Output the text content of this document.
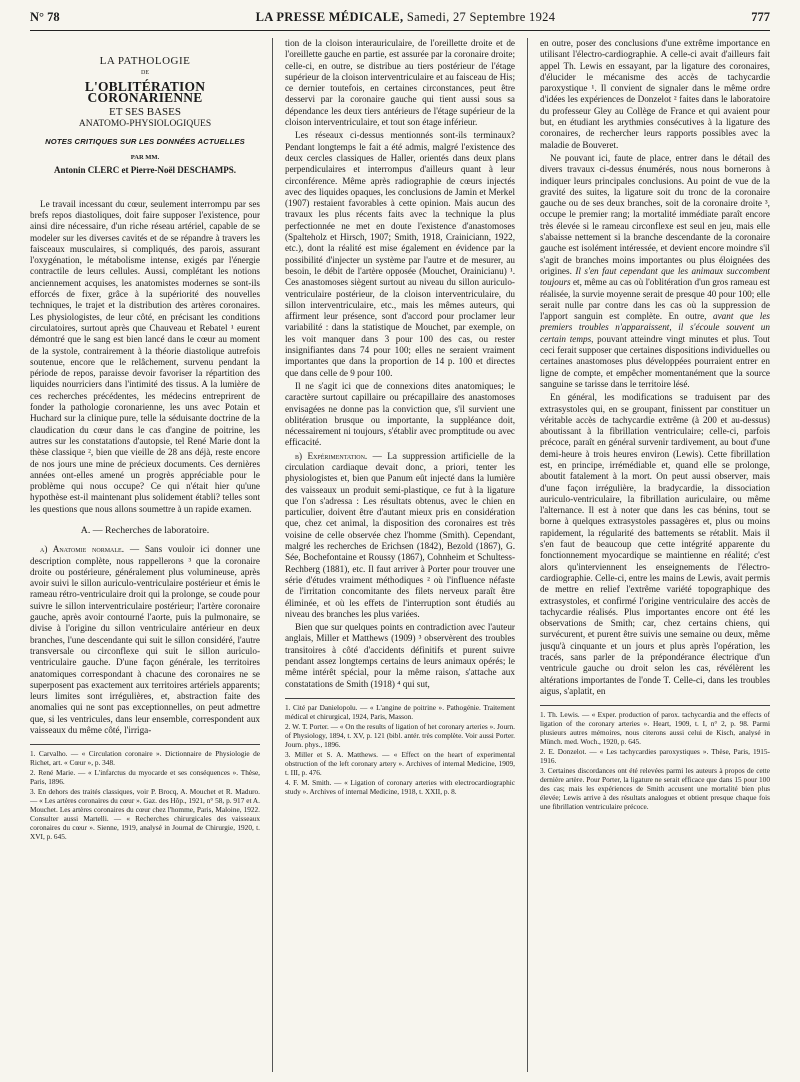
N° 78	LA PRESSE MÉDICALE, Samedi, 27 Septembre 1924	777
LA PATHOLOGIE
DE
L'OBLITÉRATION CORONARIENNE
ET SES BASES
ANATOMO-PHYSIOLOGIQUES
NOTES CRITIQUES SUR LES DONNÉES ACTUELLES
PAR MM.
Antonin CLERC et Pierre-Noël DESCHAMPS.

Le travail incessant du cœur, seulement interrompu par ses brefs repos diastoliques, doit faire supposer l'existence, pour ainsi dire nécessaire, d'un riche réseau artériel, capable de se modeler sur les diverses cavités et de se répandre à travers les faisceaux musculaires, si compliqués, des parois, assurant l'oxygénation, le métabolisme intense, exigés par l'énergie contractile de leurs cellules. Aussi, complétant les notions anciennement acquises, les anatomistes modernes se sont-ils efforcés de fixer, grâce à la supériorité des nouvelles techniques, le trajet et la distribution des artères coronaires. Les physiologistes, de leur côté, en précisant les conditions circulatoires, surtout après que Chauveau et Rebatel ¹ eurent démontré que le sang est bien lancé dans le cœur au moment de la systole, contrairement à la théorie diastolique autrefois soutenue, encore que le relâchement, survenu pendant la période de repos, paraisse devoir favoriser la répartition des liquides nourriciers dans l'intimité des tissus. A la lumière de ces recherches précédentes, les médecins entreprirent de fonder la pathologie coronarienne, les uns avec Potain et Huchard sur la clinique pure, telle la séduisante doctrine de la claudication du cœur dans le cas d'angine de poitrine, les autres sur les constatations d'autopsie, tel René Marie dont la thèse classique ², bien que vieille de 28 ans déjà, reste encore de nos jours une mine de précieux documents. Ces dernières années ont-elles amené un progrès appréciable pour le problème qui nous occupe? Ce qui n'était hier qu'une hypothèse est-il maintenant plus solidement établi? telles sont les questions que nous allons soumettre à un rapide examen.

A. — Recherches de laboratoire.

a) Anatomie normale. — Sans vouloir ici donner une description complète, nous rappellerons ³ que la coronaire droite ou postérieure, généralement plus volumineuse, après avoir suivi le sillon auriculo-ventriculaire postérieur et émis le rameau rétro-ventriculaire droit qui la prolonge, se coude pour suivre le sillon interventriculaire postérieur; l'artère coronaire gauche, après avoir contourné l'aorte, puis la pulmonaire, se divise à l'origine du sillon ventriculaire antérieur en deux branches, l'une descendante qui suit le sillon considéré, l'autre transversale ou circonflexe qui suit le sillon auriculo-ventriculaire gauche. D'une façon générale, les territoires anatomiques correspondant à chacune des coronaires ne se superposent pas exactement aux territoires artériels apparents; leurs limites sont irrégulières, et, abstraction faite des anomalies qui ne sont pas exceptionnelles, on peut admettre que, si les ventricules, dans leur ensemble, correspondent aux vaisseaux du même côté, l'irriga-

1. Carvalho. — « Circulation coronaire ». Dictionnaire de Physiologie de Richet, art. « Cœur », p. 348.
2. René Marie. — « L'infarctus du myocarde et ses conséquences ». Thèse, Paris, 1896.
3. En dehors des traités classiques, voir P. Brocq, A. Mouchet et R. Maduro. — « Les artères coronaires du cœur ». Gaz. des Hôp., 1921, n° 58, p. 917 et A. Mouchet. Les artères coronaires du cœur chez l'homme, Paris, Maloine, 1922. Consulter aussi Martelli. — « Recherches chirurgicales des vaisseaux coronaires du cœur ». Sienne, 1919, analysé in Journal de Chirurgie, 1920, t. XVI, p. 645.

tion de la cloison interauriculaire, de l'oreillette droite et de l'oreillette gauche en partie, est assurée par la coronaire droite; celle-ci, en outre, se distribue au tiers postérieur de l'étage supérieur de la cloison interventriculaire et au faisceau de His; ce dernier toutefois, en certaines circonstances, peut être desservi par la coronaire gauche qui tient aussi sous sa dépendance les deux tiers antérieurs de l'étage supérieur de la cloison interventriculaire, et tout son étage inférieur.

Les réseaux ci-dessus mentionnés sont-ils terminaux? Pendant longtemps le fait a été admis, malgré l'existence des deux cercles classiques de Haller, orientés dans deux plans perpendiculaires et interrompus d'ailleurs quant à leur circonférence. Même après radiographie de cœurs injectés avec des liquides opaques, les conclusions de Jamin et Merkel (1907) restaient favorables à cette opinion. Mais aucun des travaux les plus récents faits avec la technique la plus perfectionnée ne met en doute l'existence d'anastomoses (Spalteholz et Hirsch, 1907; Smith, 1918, Crainiciann, 1922, etc.), dont la réalité est mise également en évidence par la possibilité d'injecter un système par l'autre et de mesurer, au besoin, le débit de l'artère opposée (Mouchet, Orainicianu) ¹. Ces anastomoses siègent surtout au niveau du sillon auriculo-ventriculaire postérieur, de la cloison interventriculaire, du sillon interventriculaire, etc., mais les mêmes auteurs, qui affirment leur présence, sont d'accord pour proclamer leur variabilité : dans la statistique de Mouchet, par exemple, on les voit manquer dans 3 pour 100 des cas, ou rester insignifiantes dans 74 pour 100; elles ne seraient vraiment importantes que dans la proportion de 14 p. 100 et directes que dans celle de 9 pour 100.

Il ne s'agit ici que de connexions dites anatomiques; le caractère surtout capillaire ou précapillaire des anastomoses envisagées ne donne pas la conviction que, s'il survient une oblitération brusque ou importante, la suppléance doit, nécessairement ni toujours, s'établir avec promptitude ou avec efficacité.

b) Expérimentation. — La suppression artificielle de la circulation cardiaque devait donc, a priori, tenter les physiologistes et, bien que Panum eût injecté dans la lumière des vaisseaux un produit semi-plastique, ce fut à la ligature que l'on s'adressa : Les résultats obtenus, avec le chien en particulier, doivent être d'autant mieux pris en considération que, chez cet animal, la disposition des coronaires est très voisine de celle observée chez l'homme (Smith). Cependant, malgré les recherches de Erichsen (1842), Bezold (1867), G. Sée, Bochefontaine et Roussy (1867), Cohnheim et Schultess-Rechberg (1881), etc. Il faut arriver à Porter pour trouver une série d'études vraiment méthodiques ² où l'influence néfaste de l'irritation concomitante des filets nerveux paraît être éliminée, et où les effets de l'interruption sont étudiés au niveau des branches les plus variées.

Bien que sur quelques points en contradiction avec l'auteur anglais, Miller et Matthews (1909) ³ observèrent des troubles transitoires à côté d'accidents définitifs et purent suivre pendant assez longtemps certains de leurs animaux opérés; le même intérêt spécial, pour la même raison, s'attache aux constatations de Smith (1918) ⁴ qui sut,

1. Cité par Danielopolu. — « L'angine de poitrine ». Pathogénie. Traitement médical et chirurgical, 1924, Paris, Masson.
2. W. T. Porter. — « On the results of ligation of het coronary arteries ». Journ. of Physiology, 1894, t. XV, p. 121 (bibl. antér. très complète. Voir aussi Porter. Journ. phys., 1896.
3. Miller et S. A. Matthews. — « Effect on the heart of experimental obstruction of the left coronary artery ». Archives of internal Medicine, 1909, t. III, p. 476.
4. F. M. Smith. — « Ligation of coronary arteries with electrocardiographic study ». Archives of internal Medicine, 1918, t. XXII, p. 8.

en outre, poser des conclusions d'une extrême importance en utilisant l'électro-cardiographie. A celle-ci avait d'ailleurs fait appel Th. Lewis en essayant, par la ligature des coronaires, d'élucider le mécanisme des accès de tachycardie paroxystique ¹. Il convient de signaler dans le même ordre d'idées les expériences de Donzelot ² faites dans le laboratoire du professeur Gley au Collège de France et qui avaient pour but, en étudiant les arythmies consécutives à la ligature des coronaires, de rechercher leurs rapports possibles avec la maladie de Bouveret.

Ne pouvant ici, faute de place, entrer dans le détail des divers travaux ci-dessus énumérés, nous nous bornerons à indiquer leurs principales conclusions. Au point de vue de la gravité des suites, la ligature soit du tronc de la coronaire gauche ou de ses deux branches, soit de la coronaire droite ³, occupe le premier rang; la mortalité immédiate paraît encore très élevée si le rameau circonflexe est seul en jeu, mais elle s'abaisse nettement si la branche descendante de la coronaire gauche est isolément intéressée, et devient encore moindre s'il s'agit de branches moins importantes ou plus éloignées des origines. Il s'en faut cependant que les animaux succombent toujours et, même au cas où l'oblitération d'un gros rameau est réalisée, la survie moyenne serait de presque 40 pour 100; elle serait nulle par contre dans les cas où la suppression de l'apport sanguin est complète. En outre, avant que les premiers troubles n'apparaissent, il s'écoule souvent un certain temps, pouvant atteindre vingt minutes et plus. Tout ceci ferait supposer que certaines dispositions individuelles ou certaines anastomoses plus développées pourraient entrer en ligne de compte, et empêcher momentanément que la source sanguine se tarisse dans le territoire lésé.

En général, les modifications se traduisent par des extrasystoles qui, en se groupant, finissent par constituer un véritable accès de tachycardie extrême (à 200 et au-dessus) aboutissant à la fibrillation ventriculaire; celle-ci, parfois précoce, paraît en général survenir tardivement, au bout d'une demi-heure à trois heures environ (Lewis). Cette fibrillation est, en principe, irrémédiable et, quand elle se prolonge, aboutit fatalement à la mort. On peut aussi observer, mais d'une façon irrégulière, la bradycardie, la dissociation auriculo-ventriculaire, la fibrillation auriculaire, ou même l'alternance. Il est à noter que dans les cas bénins, tout se borne à quelques extrasystoles passagères et, plus ou moins rapidement, la régularité des battements se rétablit. Mais il s'en faut de beaucoup que cette intégrité apparente du fonctionnement myocardique se maintienne en réalité; c'est alors qu'interviennent les enseignements de l'électro-cardiographie. Celle-ci, entre les mains de Lewis, avait permis de mettre en relief l'extrême variété topographique des extrasystoles, et confirmé l'origine ventriculaire des accès de tachycardie réalisés. Plus importantes encore ont été les observations de Smith; car, chez certains chiens, qui survécurent, et purent être suivis une semaine ou deux, même jusqu'à cinquante et un jours et plus après l'opération, les tracés, sans parler de la prépondérance électrique d'un ventricule gauche ou droit selon les cas, révélèrent les altérations importantes de l'onde T. Celle-ci, dans les troubles aigus, s'aplatit, en

1. Th. Lewis. — « Exper. production of parox. tachycardia and the effects of ligation of the coronary arteries ». Heart, 1909, t. I, n° 2, p. 98. Parmi plusieurs autres mémoires, nous citerons aussi celui de Kisch, analysé in Münch. med. Woch., 1920, p. 645.
2. E. Donzelot. — « Les tachycardies paroxystiques ». Thèse, Paris, 1915-1916.
3. Certaines discordances ont été relevées parmi les auteurs à propos de cette dernière artère. Pour Porter, la ligature ne serait efficace que dans 15 pour 100 des cas; mais les expériences de Smith accusent une mortalité bien plus élevée; Lewis arrive à des résultats analogues et obtient presque chaque fois une fibrillation ventriculaire précoce.
